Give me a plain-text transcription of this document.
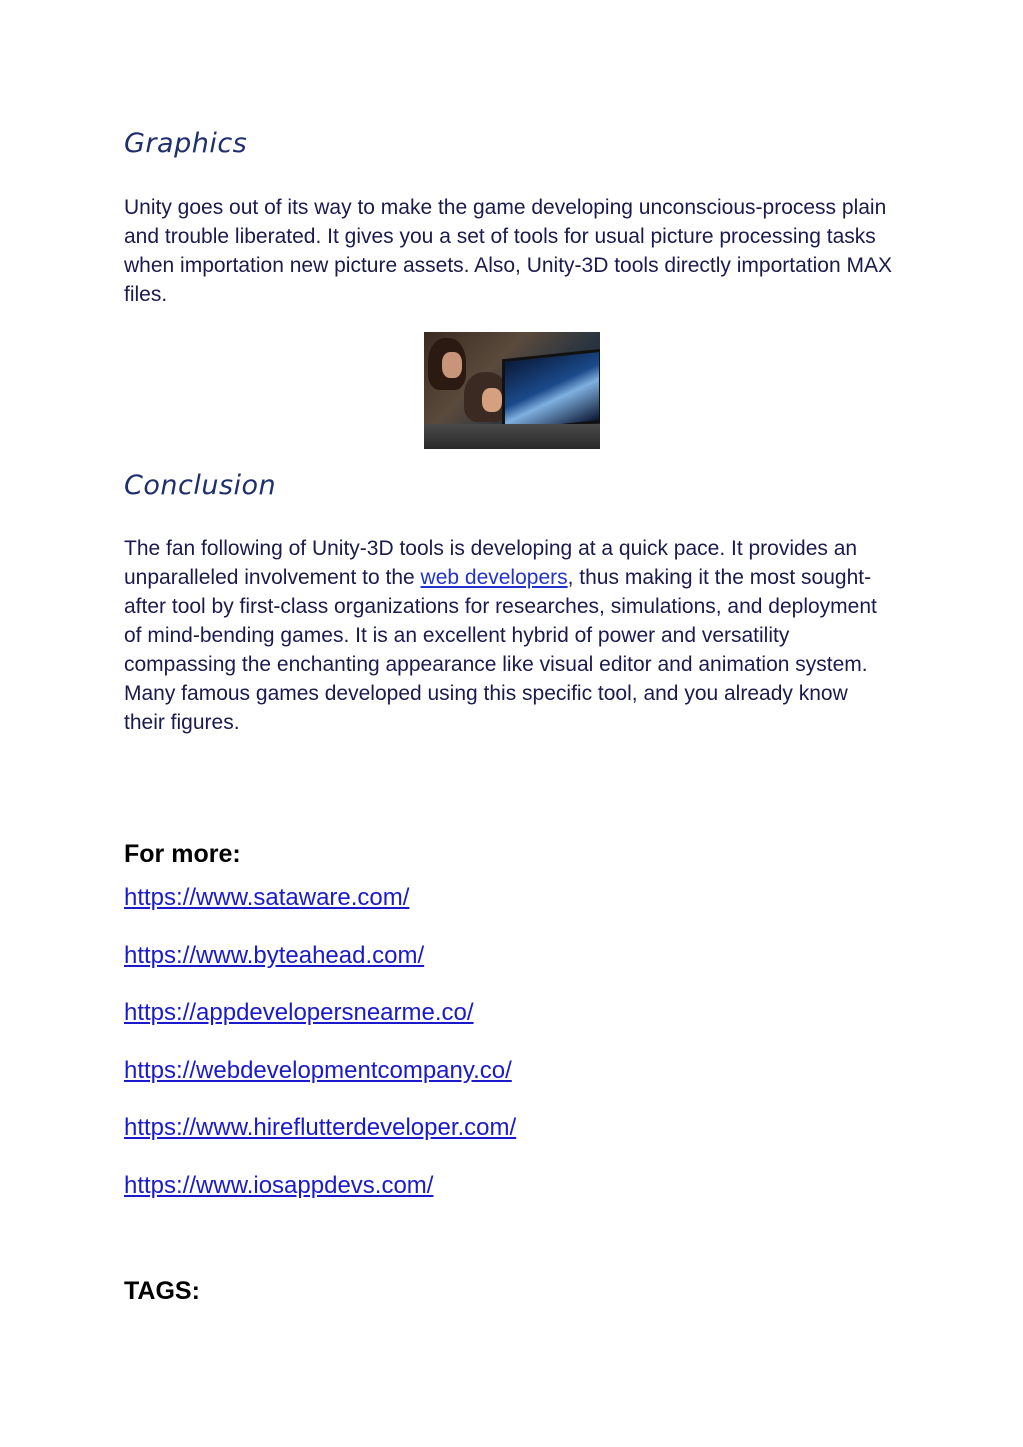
Graphics

Unity goes out of its way to make the game developing unconscious-process plain and trouble liberated. It gives you a set of tools for usual picture processing tasks when importation new picture assets. Also, Unity-3D tools directly importation MAX files.

Conclusion

The fan following of Unity-3D tools is developing at a quick pace. It provides an unparalleled involvement to the web developers, thus making it the most sought-after tool by first-class organizations for researches, simulations, and deployment of mind-bending games. It is an excellent hybrid of power and versatility compassing the enchanting appearance like visual editor and animation system. Many famous games developed using this specific tool, and you already know their figures.

For more:
https://www.sataware.com/
https://www.byteahead.com/
https://appdevelopersnearme.co/
https://webdevelopmentcompany.co/
https://www.hireflutterdeveloper.com/
https://www.iosappdevs.com/
TAGS:
